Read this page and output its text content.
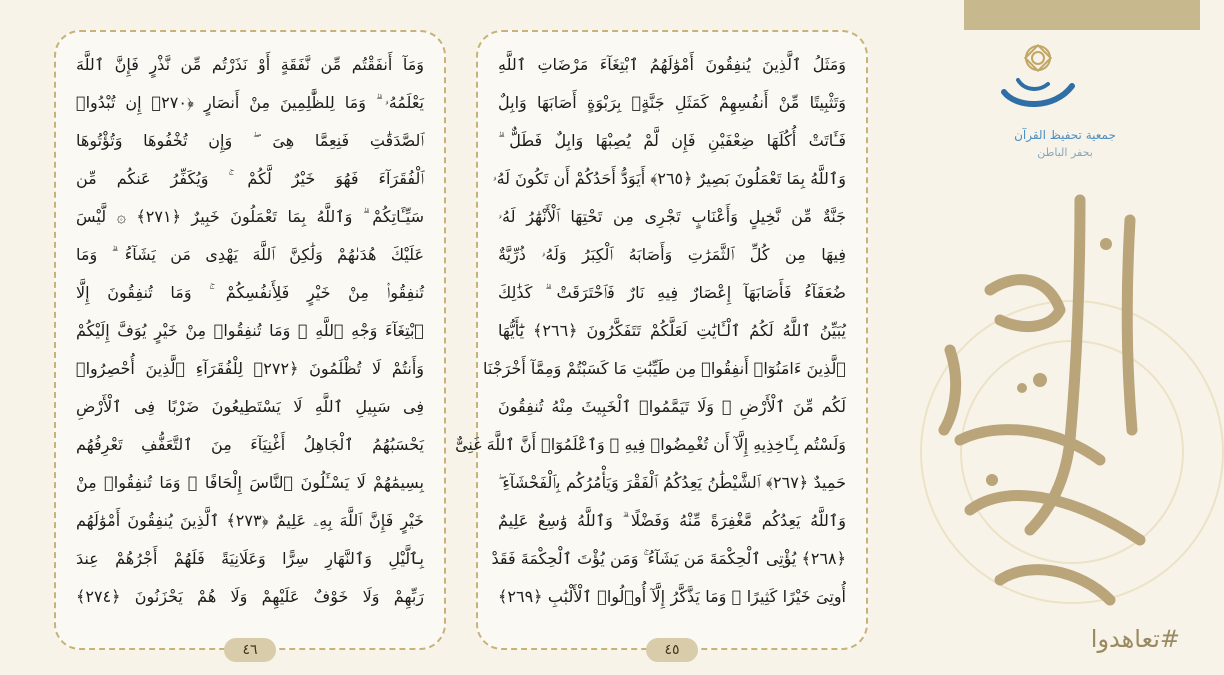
وَمَآ أَنفَقْتُم مِّن نَّفَقَةٍ أَوْ نَذَرْتُم مِّن نَّذْرٍ فَإِنَّ ٱللَّهَ
يَعْلَمُهُۥ ۗ وَمَا لِلظَّٰلِمِينَ مِنْ أَنصَارٍ ﴿٢٧٠﴾ إِن تُبْدُوا۟
ٱلصَّدَقَٰتِ فَنِعِمَّا هِىَ ۖ وَإِن تُخْفُوهَا وَتُؤْتُوهَا
ٱلْفُقَرَآءَ فَهُوَ خَيْرٌ لَّكُمْ ۚ وَيُكَفِّرُ عَنكُم مِّن
سَيِّـَٔاتِكُمْ ۗ وَٱللَّهُ بِمَا تَعْمَلُونَ خَبِيرٌ ﴿٢٧١﴾ ۞ لَّيْسَ
عَلَيْكَ هُدَىٰهُمْ وَلَٰكِنَّ ٱللَّهَ يَهْدِى مَن يَشَآءُ ۗ وَمَا
تُنفِقُوا۟ مِنْ خَيْرٍ فَلِأَنفُسِكُمْ ۚ وَمَا تُنفِقُونَ إِلَّا
ٱبْتِغَآءَ وَجْهِ ٱللَّهِ ۚ وَمَا تُنفِقُوا۟ مِنْ خَيْرٍ يُوَفَّ إِلَيْكُمْ
وَأَنتُمْ لَا تُظْلَمُونَ ﴿٢٧٢﴾ لِلْفُقَرَآءِ ٱلَّذِينَ أُحْصِرُوا۟
فِى سَبِيلِ ٱللَّهِ لَا يَسْتَطِيعُونَ ضَرْبًا فِى ٱلْأَرْضِ
يَحْسَبُهُمُ ٱلْجَاهِلُ أَغْنِيَآءَ مِنَ ٱلتَّعَفُّفِ تَعْرِفُهُم
بِسِيمَٰهُمْ لَا يَسْـَٔلُونَ ٱلنَّاسَ إِلْحَافًا ۗ وَمَا تُنفِقُوا۟ مِنْ
خَيْرٍ فَإِنَّ ٱللَّهَ بِهِۦ عَلِيمٌ ﴿٢٧٣﴾ ٱلَّذِينَ يُنفِقُونَ أَمْوَٰلَهُم
بِٱلَّيْلِ وَٱلنَّهَارِ سِرًّا وَعَلَانِيَةً فَلَهُمْ أَجْرُهُمْ عِندَ
رَبِّهِمْ وَلَا خَوْفٌ عَلَيْهِمْ وَلَا هُمْ يَحْزَنُونَ ﴿٢٧٤﴾
٤٦
وَمَثَلُ ٱلَّذِينَ يُنفِقُونَ أَمْوَٰلَهُمُ ٱبْتِغَآءَ مَرْضَاتِ ٱللَّهِ
وَتَثْبِيتًا مِّنْ أَنفُسِهِمْ كَمَثَلِ جَنَّةٍۭ بِرَبْوَةٍ أَصَابَهَا وَابِلٌ
فَـَٔاتَتْ أُكُلَهَا ضِعْفَيْنِ فَإِن لَّمْ يُصِبْهَا وَابِلٌ فَطَلٌّ ۗ
وَٱللَّهُ بِمَا تَعْمَلُونَ بَصِيرٌ ﴿٢٦٥﴾ أَيَوَدُّ أَحَدُكُمْ أَن تَكُونَ لَهُۥ
جَنَّةٌ مِّن نَّخِيلٍ وَأَعْنَابٍ تَجْرِى مِن تَحْتِهَا ٱلْأَنْهَٰرُ لَهُۥ
فِيهَا مِن كُلِّ ٱلثَّمَرَٰتِ وَأَصَابَهُ ٱلْكِبَرُ وَلَهُۥ ذُرِّيَّةٌ
ضُعَفَآءُ فَأَصَابَهَآ إِعْصَارٌ فِيهِ نَارٌ فَٱحْتَرَقَتْ ۗ كَذَٰلِكَ
يُبَيِّنُ ٱللَّهُ لَكُمُ ٱلْـَٔايَٰتِ لَعَلَّكُمْ تَتَفَكَّرُونَ ﴿٢٦٦﴾ يَٰٓأَيُّهَا
ٱلَّذِينَ ءَامَنُوٓا۟ أَنفِقُوا۟ مِن طَيِّبَٰتِ مَا كَسَبْتُمْ وَمِمَّآ أَخْرَجْنَا
لَكُم مِّنَ ٱلْأَرْضِ ۖ وَلَا تَيَمَّمُوا۟ ٱلْخَبِيثَ مِنْهُ تُنفِقُونَ
وَلَسْتُم بِـَٔاخِذِيهِ إِلَّآ أَن تُغْمِضُوا۟ فِيهِ ۚ وَٱعْلَمُوٓا۟ أَنَّ ٱللَّهَ غَنِىٌّ
حَمِيدٌ ﴿٢٦٧﴾ ٱلشَّيْطَٰنُ يَعِدُكُمُ ٱلْفَقْرَ وَيَأْمُرُكُم بِٱلْفَحْشَآءِ ۖ
وَٱللَّهُ يَعِدُكُم مَّغْفِرَةً مِّنْهُ وَفَضْلًا ۗ وَٱللَّهُ وَٰسِعٌ عَلِيمٌ
﴿٢٦٨﴾ يُؤْتِى ٱلْحِكْمَةَ مَن يَشَآءُ ۚ وَمَن يُؤْتَ ٱلْحِكْمَةَ فَقَدْ
أُوتِىَ خَيْرًا كَثِيرًا ۗ وَمَا يَذَّكَّرُ إِلَّآ أُو۟لُوا۟ ٱلْأَلْبَٰبِ ﴿٢٦٩﴾
٤٥
جمعية تحفيظ القرآن
بحفر الباطن
#تعاهدوا
